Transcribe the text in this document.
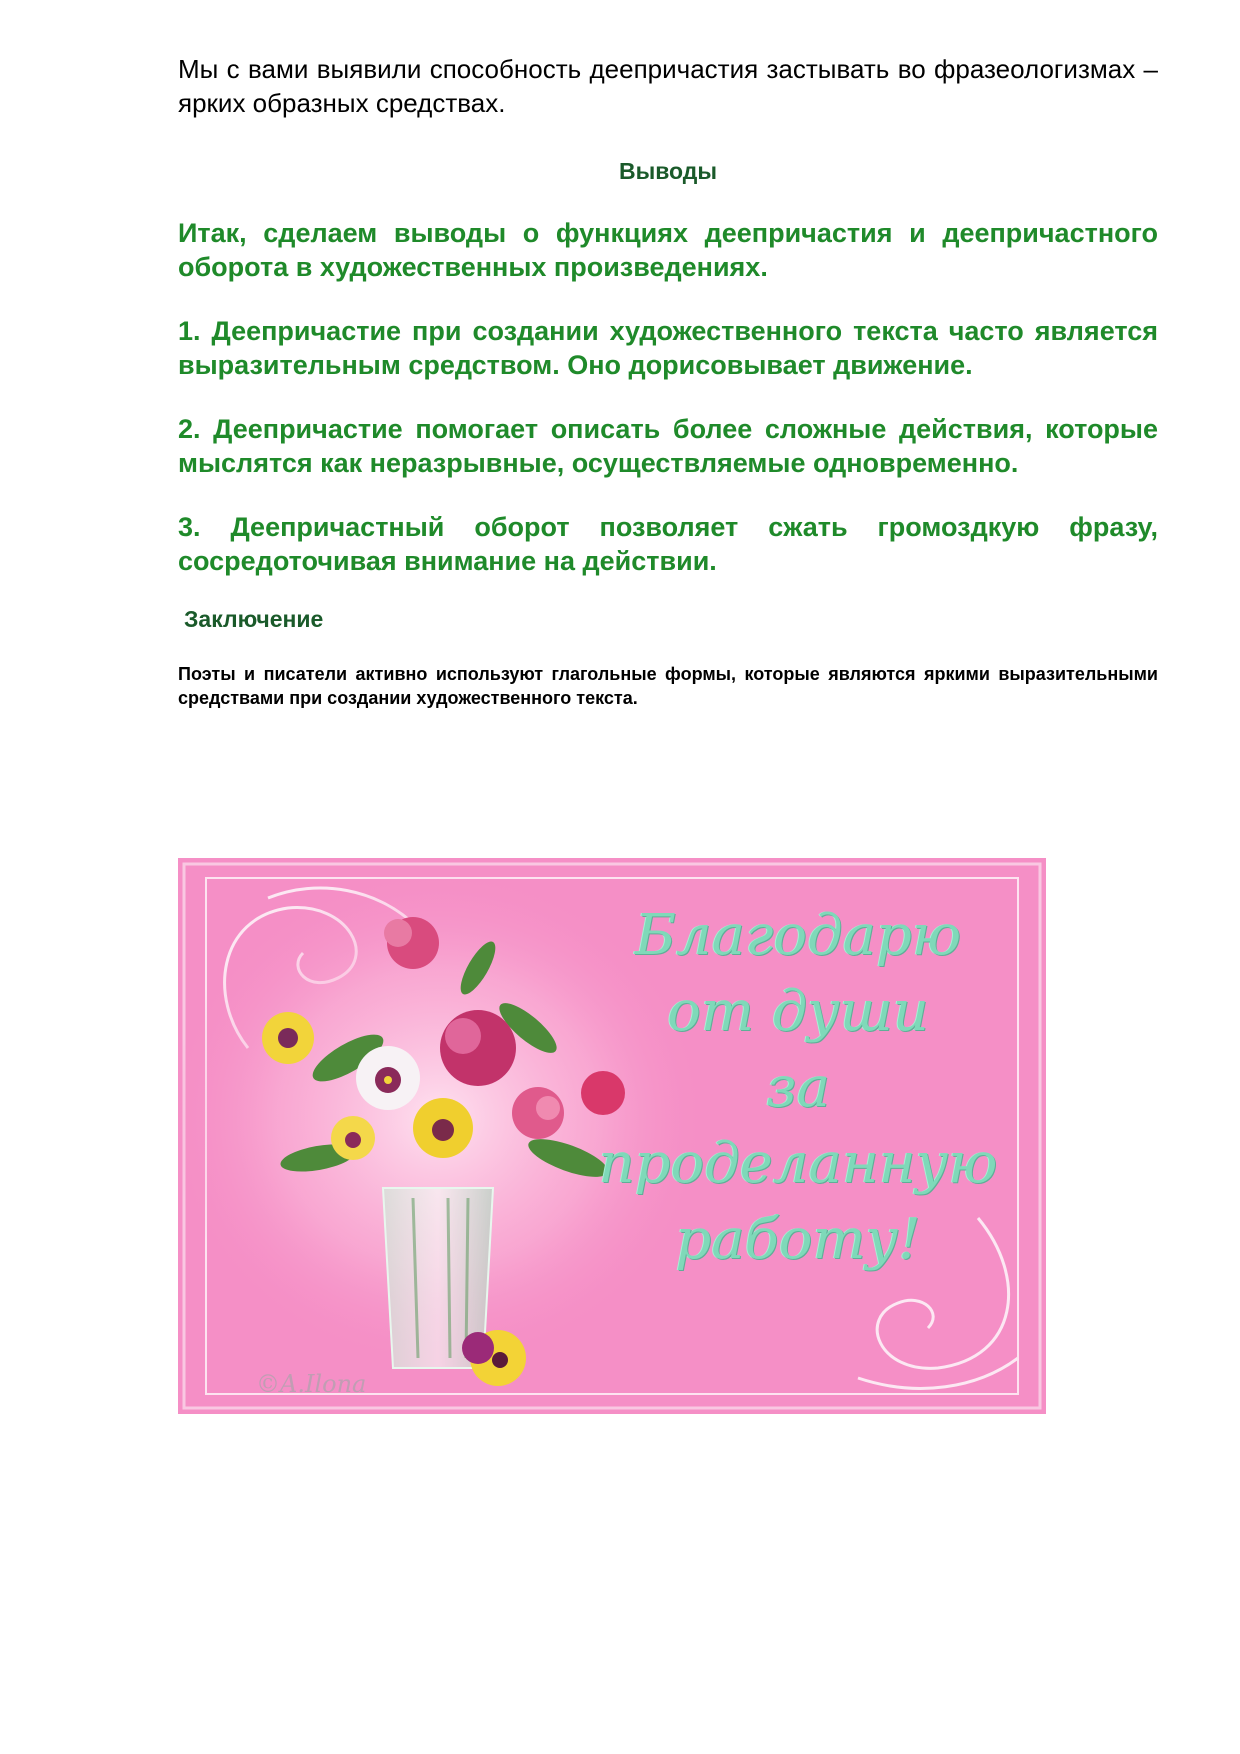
Мы с вами выявили способность деепричастия застывать во фразеологизмах – ярких образных средствах.

Выводы

Итак, сделаем выводы о функциях деепричастия и деепричастного оборота в художественных произведениях.

1. Деепричастие при создании художественного текста часто является выразительным средством. Оно дорисовывает движение.

2. Деепричастие помогает описать более сложные действия, которые мыслятся как неразрывные, осуществляемые одновременно.

3. Деепричастный оборот позволяет сжать громоздкую фразу, сосредоточивая внимание на действии.

Заключение

Поэты и писатели активно используют глагольные формы, которые являются яркими выразительными средствами при создании художественного текста.

Благодарю
от души
за
проделанную
работу!
©A.Ilona
